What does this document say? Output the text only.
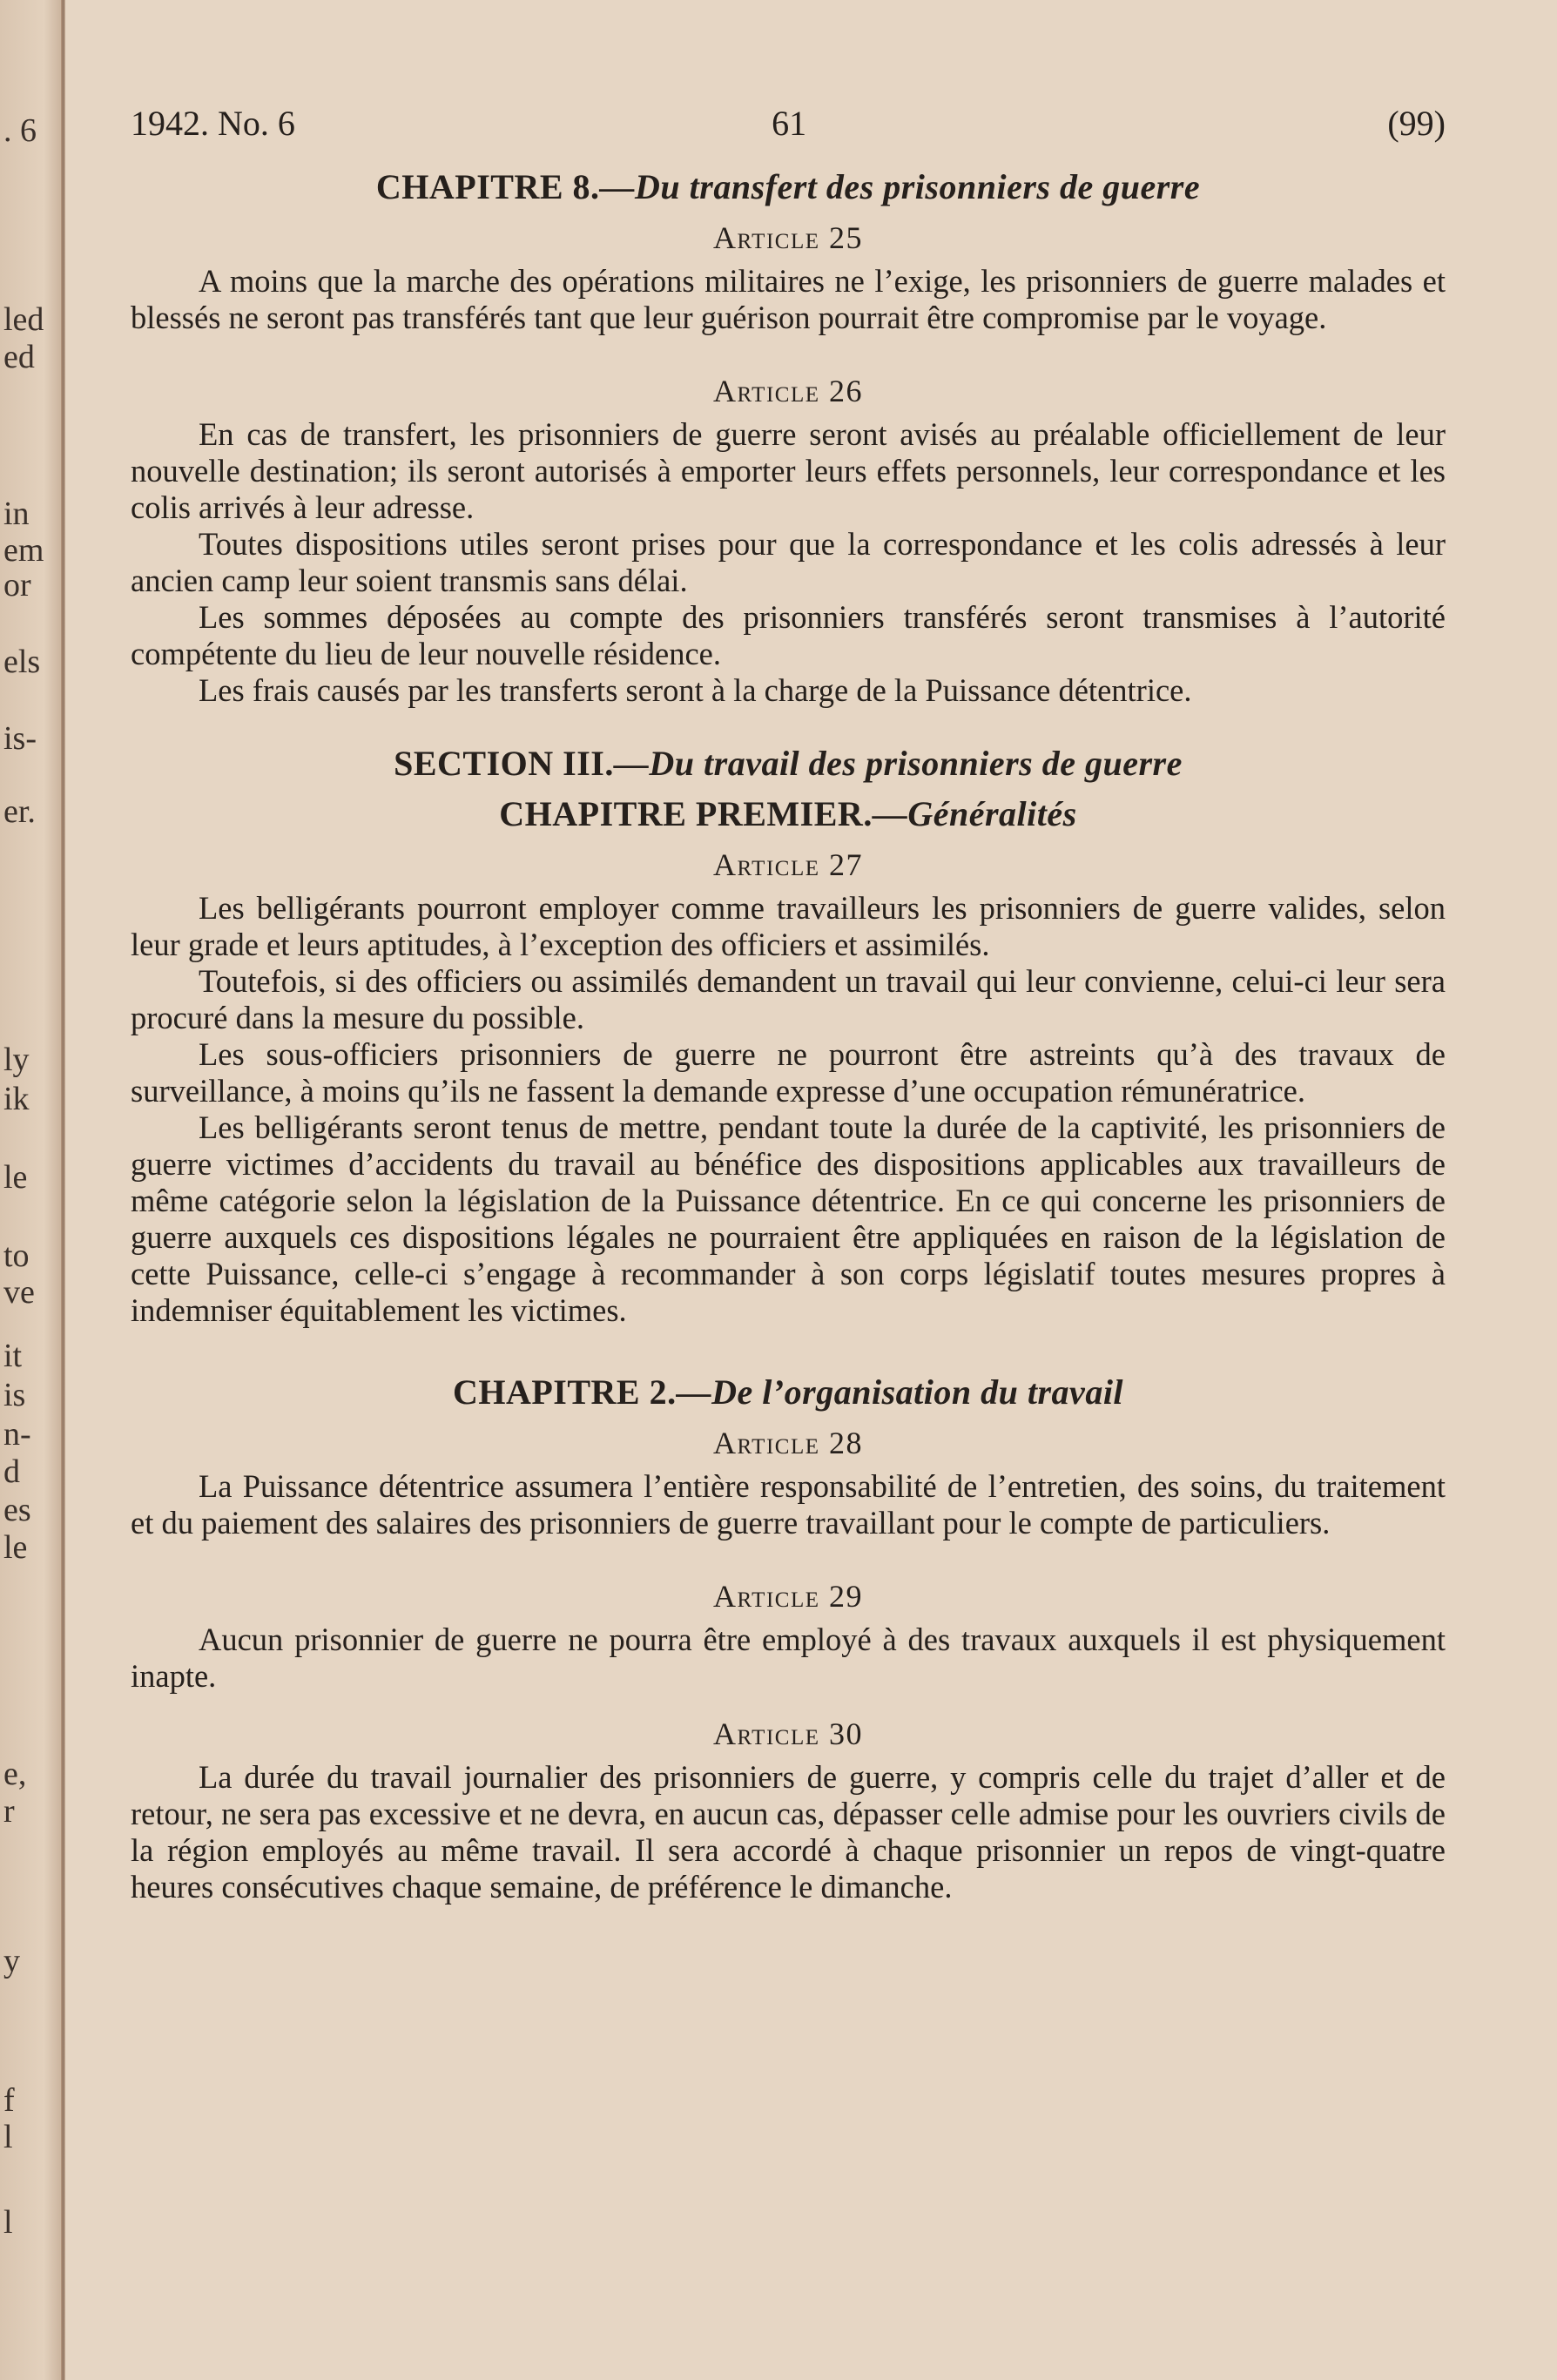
. 6
led
ed
in
em
or
els
is-
er.
ly
ik
le
to
ve
it
is
n-
d
es
le
e,
r
y
f
l
l
1942. No. 6	61	(99)
CHAPITRE 8.—Du transfert des prisonniers de guerre
Article 25

A moins que la marche des opérations militaires ne l’exige, les prisonniers de guerre malades et blessés ne seront pas transférés tant que leur guérison pourrait être compromise par le voyage.

Article 26

En cas de transfert, les prisonniers de guerre seront avisés au préalable officiellement de leur nouvelle destination; ils seront autorisés à emporter leurs effets personnels, leur correspondance et les colis arrivés à leur adresse.

Toutes dispositions utiles seront prises pour que la correspondance et les colis adressés à leur ancien camp leur soient transmis sans délai.

Les sommes déposées au compte des prisonniers transférés seront transmises à l’autorité compétente du lieu de leur nouvelle résidence.

Les frais causés par les transferts seront à la charge de la Puissance détentrice.

SECTION III.—Du travail des prisonniers de guerre
CHAPITRE PREMIER.—Généralités
Article 27

Les belligérants pourront employer comme travailleurs les prisonniers de guerre valides, selon leur grade et leurs aptitudes, à l’exception des officiers et assimilés.

Toutefois, si des officiers ou assimilés demandent un travail qui leur convienne, celui-ci leur sera procuré dans la mesure du possible.

Les sous-officiers prisonniers de guerre ne pourront être astreints qu’à des travaux de surveillance, à moins qu’ils ne fassent la demande expresse d’une occupation rémunératrice.

Les belligérants seront tenus de mettre, pendant toute la durée de la captivité, les prisonniers de guerre victimes d’accidents du travail au bénéfice des dispositions applicables aux travailleurs de même catégorie selon la législation de la Puissance détentrice. En ce qui concerne les prisonniers de guerre auxquels ces dispositions légales ne pourraient être appliquées en raison de la législation de cette Puissance, celle-ci s’engage à recommander à son corps législatif toutes mesures propres à indemniser équitablement les victimes.

CHAPITRE 2.—De l’organisation du travail
Article 28

La Puissance détentrice assumera l’entière responsabilité de l’entretien, des soins, du traitement et du paiement des salaires des prisonniers de guerre travaillant pour le compte de particuliers.

Article 29

Aucun prisonnier de guerre ne pourra être employé à des travaux auxquels il est physiquement inapte.

Article 30

La durée du travail journalier des prisonniers de guerre, y compris celle du trajet d’aller et de retour, ne sera pas excessive et ne devra, en aucun cas, dépasser celle admise pour les ouvriers civils de la région employés au même travail. Il sera accordé à chaque prisonnier un repos de vingt-quatre heures consécutives chaque semaine, de préférence le dimanche.
